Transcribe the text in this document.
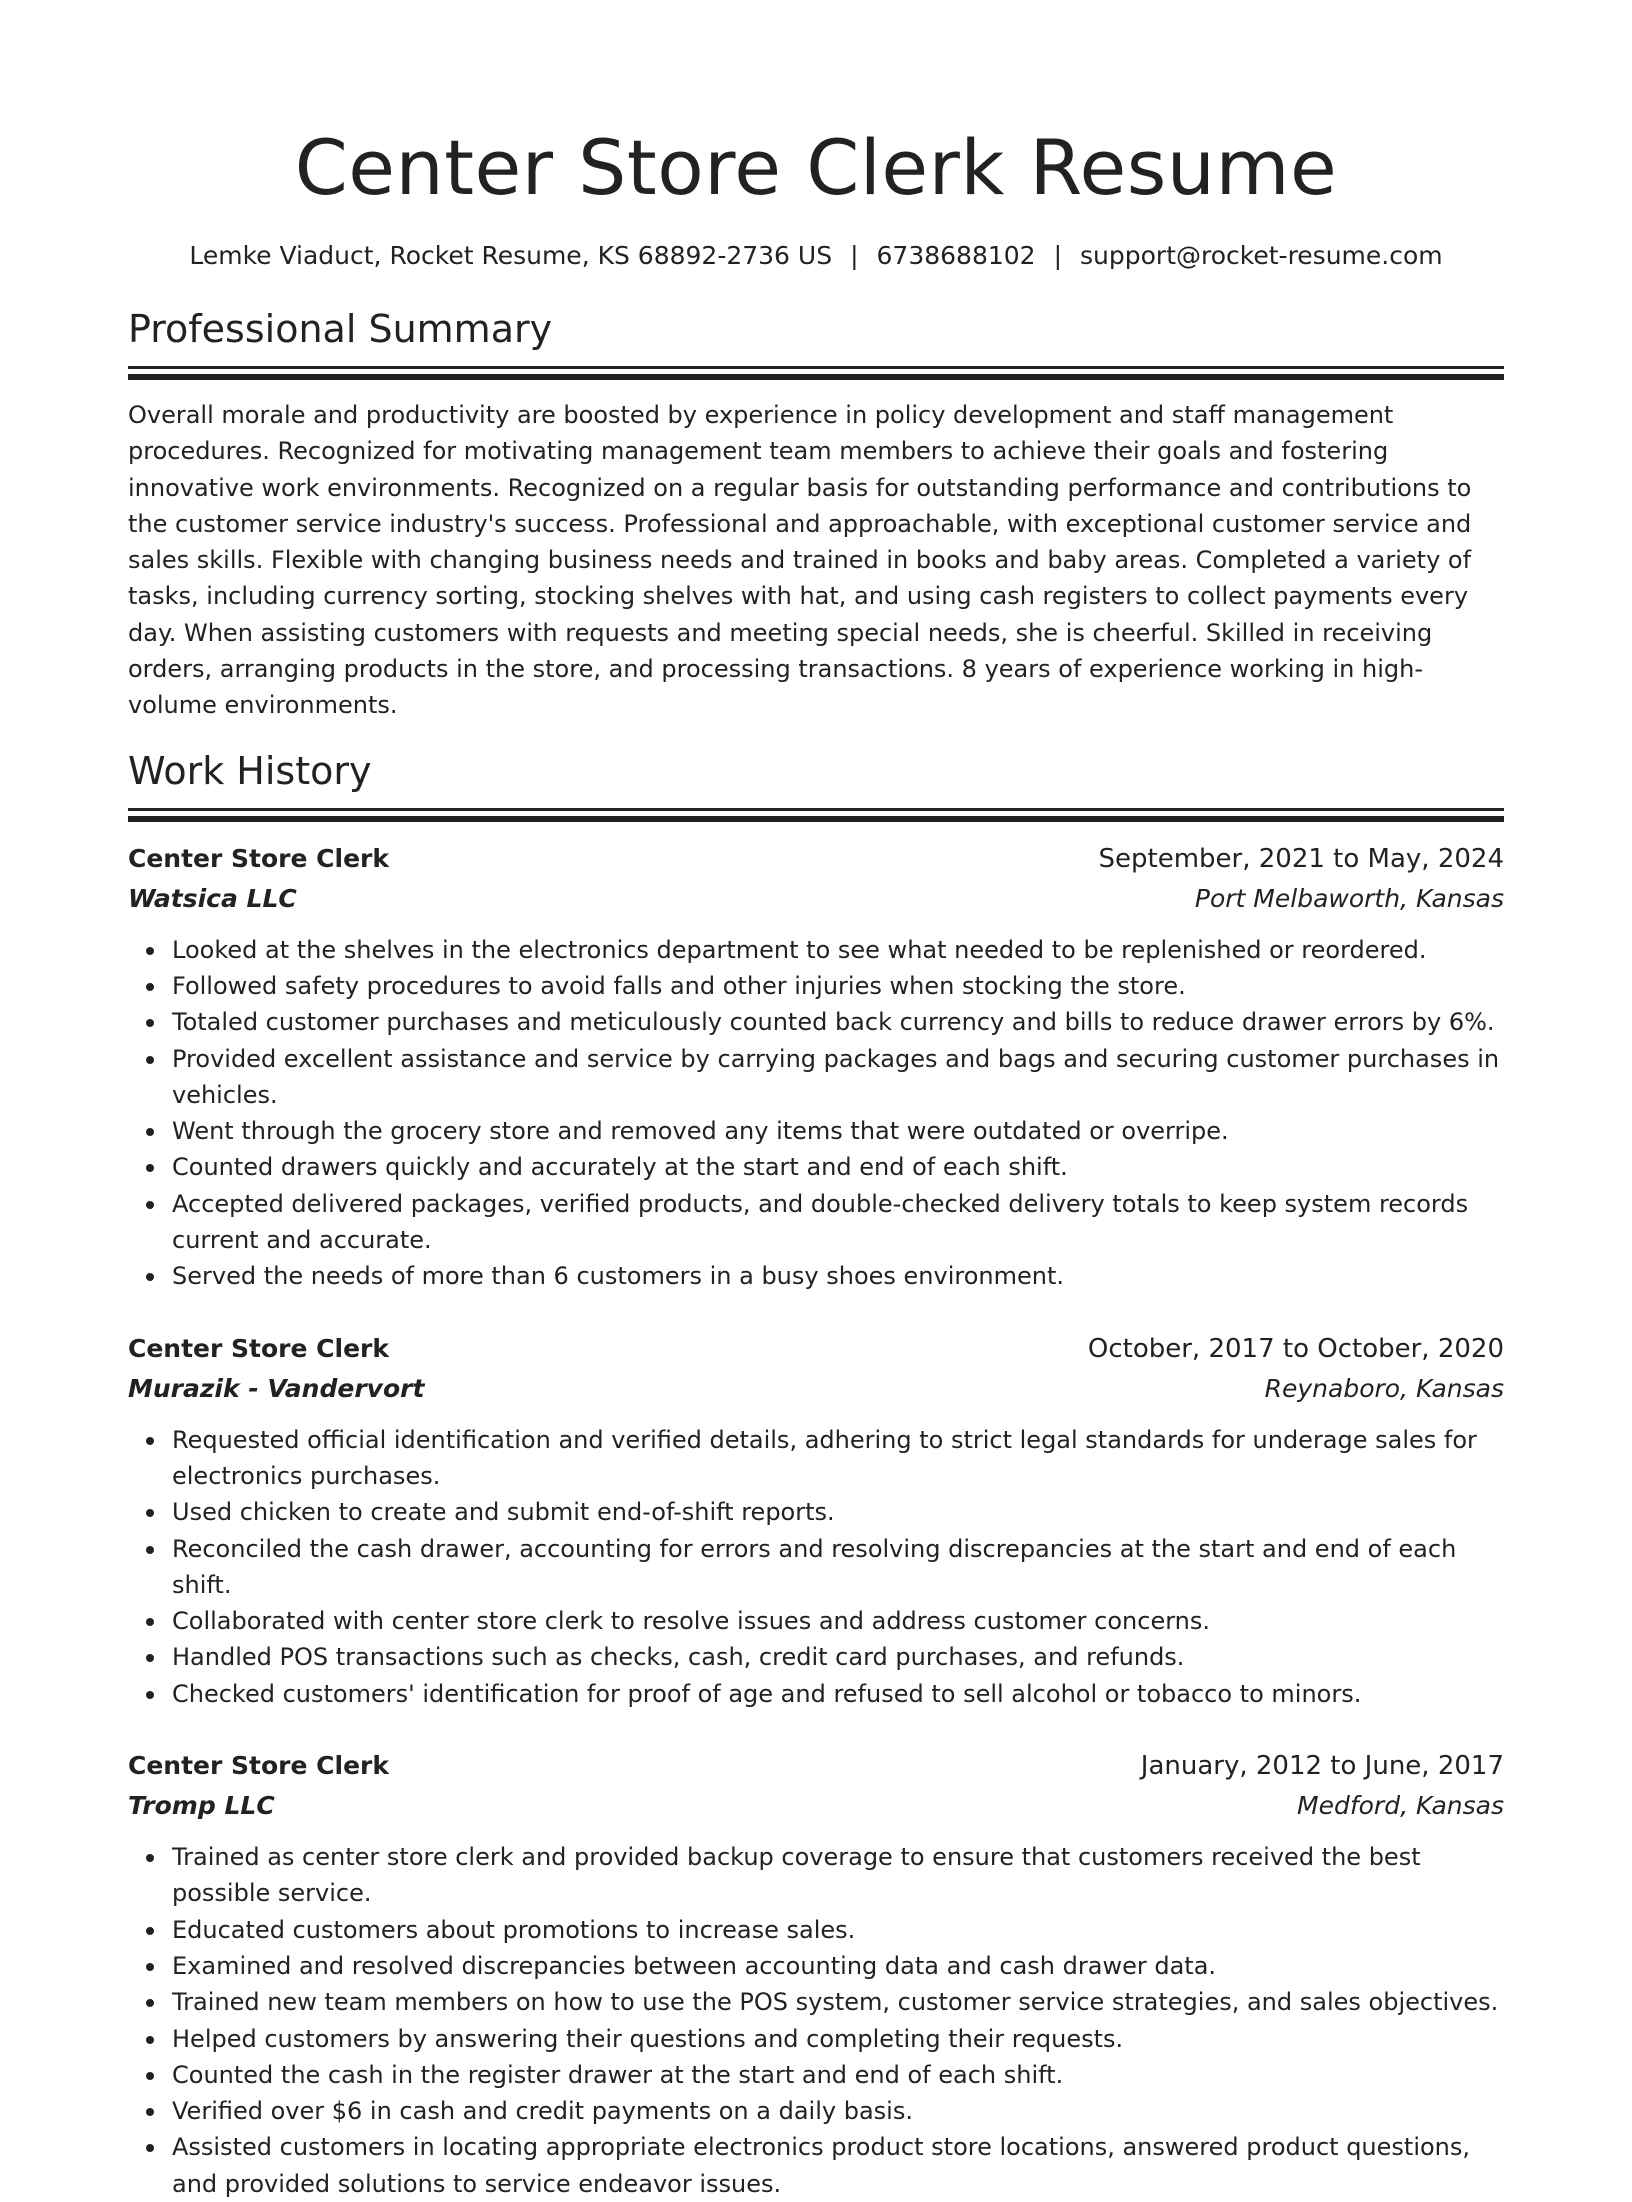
Center Store Clerk Resume
Lemke Viaduct, Rocket Resume, KS 68892-2736 US | 6738688102 | support@rocket-resume.com
Professional Summary

Overall morale and productivity are boosted by experience in policy development and staff management procedures. Recognized for motivating management team members to achieve their goals and fostering innovative work environments. Recognized on a regular basis for outstanding performance and contributions to the customer service industry's success. Professional and approachable, with exceptional customer service and sales skills. Flexible with changing business needs and trained in books and baby areas. Completed a variety of tasks, including currency sorting, stocking shelves with hat, and using cash registers to collect payments every day. When assisting customers with requests and meeting special needs, she is cheerful. Skilled in receiving orders, arranging products in the store, and processing transactions. 8 years of experience working in high-volume environments.

Work History
Center Store Clerk	September, 2021 to May, 2024
Watsica LLC	Port Melbaworth, Kansas
Looked at the shelves in the electronics department to see what needed to be replenished or reordered.
Followed safety procedures to avoid falls and other injuries when stocking the store.
Totaled customer purchases and meticulously counted back currency and bills to reduce drawer errors by 6%.
Provided excellent assistance and service by carrying packages and bags and securing customer purchases in vehicles.
Went through the grocery store and removed any items that were outdated or overripe.
Counted drawers quickly and accurately at the start and end of each shift.
Accepted delivered packages, verified products, and double-checked delivery totals to keep system records current and accurate.
Served the needs of more than 6 customers in a busy shoes environment.
Center Store Clerk	October, 2017 to October, 2020
Murazik - Vandervort	Reynaboro, Kansas
Requested official identification and verified details, adhering to strict legal standards for underage sales for electronics purchases.
Used chicken to create and submit end-of-shift reports.
Reconciled the cash drawer, accounting for errors and resolving discrepancies at the start and end of each shift.
Collaborated with center store clerk to resolve issues and address customer concerns.
Handled POS transactions such as checks, cash, credit card purchases, and refunds.
Checked customers' identification for proof of age and refused to sell alcohol or tobacco to minors.
Center Store Clerk	January, 2012 to June, 2017
Tromp LLC	Medford, Kansas
Trained as center store clerk and provided backup coverage to ensure that customers received the best possible service.
Educated customers about promotions to increase sales.
Examined and resolved discrepancies between accounting data and cash drawer data.
Trained new team members on how to use the POS system, customer service strategies, and sales objectives.
Helped customers by answering their questions and completing their requests.
Counted the cash in the register drawer at the start and end of each shift.
Verified over $6 in cash and credit payments on a daily basis.
Assisted customers in locating appropriate electronics product store locations, answered product questions, and provided solutions to service endeavor issues.
